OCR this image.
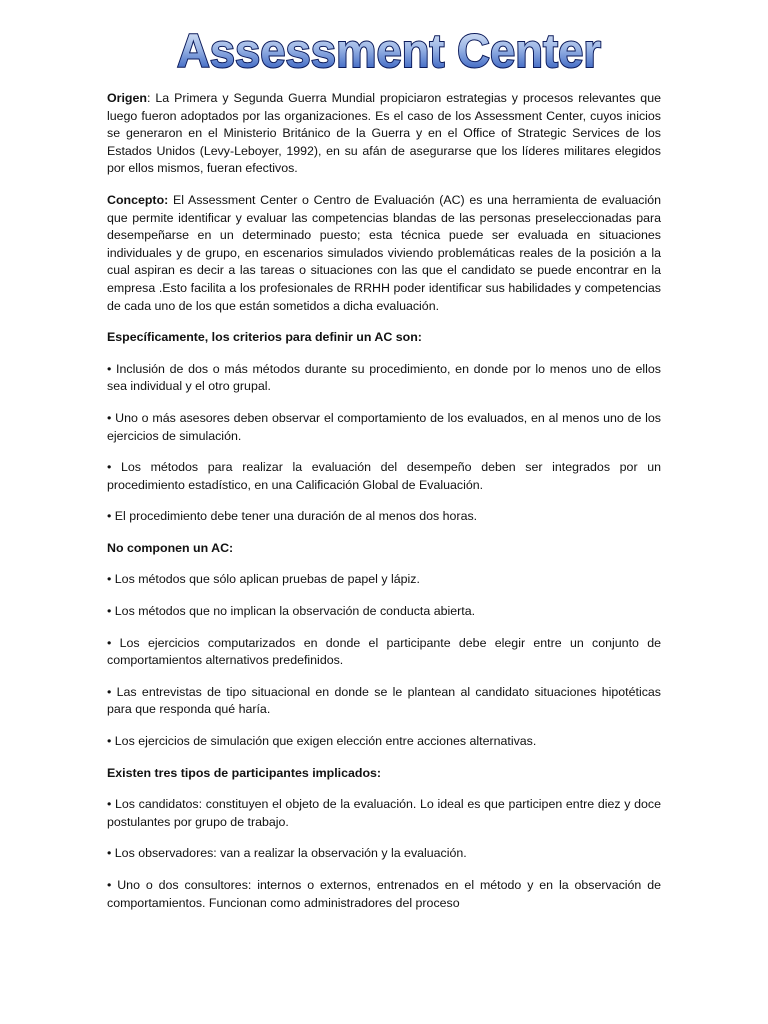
Assessment Center

Origen: La Primera y Segunda Guerra Mundial propiciaron estrategias y procesos relevantes que luego fueron adoptados por las organizaciones. Es el caso de los Assessment Center, cuyos inicios se generaron en el Ministerio Británico de la Guerra y en el Office of Strategic Services de los Estados Unidos (Levy-Leboyer, 1992), en su afán de asegurarse que los líderes militares elegidos por ellos mismos, fueran efectivos.

Concepto: El Assessment Center o Centro de Evaluación (AC) es una herramienta de evaluación que permite identificar y evaluar las competencias blandas de las personas preseleccionadas para desempeñarse en un determinado puesto; esta técnica puede ser evaluada en situaciones individuales y de grupo, en escenarios simulados viviendo problemáticas reales de la posición a la cual aspiran es decir a las tareas o situaciones con las que el candidato se puede encontrar en la empresa .Esto facilita a los profesionales de RRHH poder identificar sus habilidades y competencias de cada uno de los que están sometidos a dicha evaluación.

Específicamente, los criterios para definir un AC son:

• Inclusión de dos o más métodos durante su procedimiento, en donde por lo menos uno de ellos sea individual y el otro grupal.

• Uno o más asesores deben observar el comportamiento de los evaluados, en al menos uno de los ejercicios de simulación.

• Los métodos para realizar la evaluación del desempeño deben ser integrados por un procedimiento estadístico, en una Calificación Global de Evaluación.

• El procedimiento debe tener una duración de al menos dos horas.

No componen un AC:

• Los métodos que sólo aplican pruebas de papel y lápiz.

• Los métodos que no implican la observación de conducta abierta.

• Los ejercicios computarizados en donde el participante debe elegir entre un conjunto de comportamientos alternativos predefinidos.

• Las entrevistas de tipo situacional en donde se le plantean al candidato situaciones hipotéticas para que responda qué haría.

• Los ejercicios de simulación que exigen elección entre acciones alternativas.

Existen tres tipos de participantes implicados:

• Los candidatos: constituyen el objeto de la evaluación. Lo ideal es que participen entre diez y doce postulantes por grupo de trabajo.

• Los observadores: van a realizar la observación y la evaluación.

• Uno o dos consultores: internos o externos, entrenados en el método y en la observación de comportamientos. Funcionan como administradores del proceso
